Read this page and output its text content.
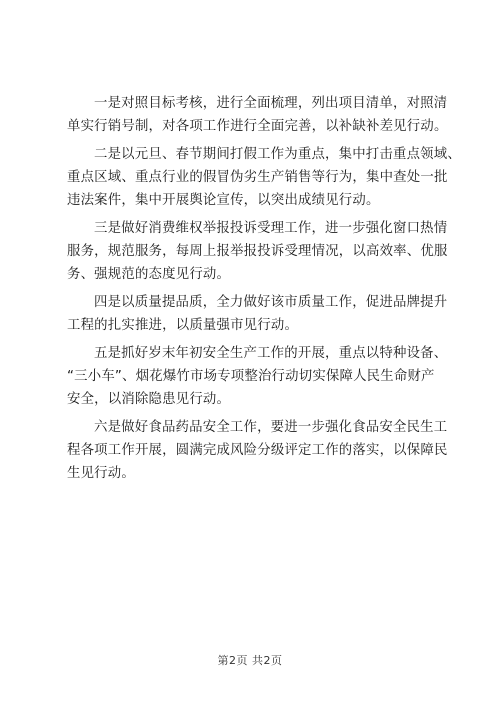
一是对照目标考核，进行全面梳理，列出项目清单，对照清
单实行销号制，对各项工作进行全面完善，以补缺补差见行动。

二是以元旦、春节期间打假工作为重点，集中打击重点领域、
重点区域、重点行业的假冒伪劣生产销售等行为，集中查处一批
违法案件，集中开展舆论宣传，以突出成绩见行动。

三是做好消费维权举报投诉受理工作，进一步强化窗口热情
服务，规范服务，每周上报举报投诉受理情况，以高效率、优服
务、强规范的态度见行动。

四是以质量提品质，全力做好该市质量工作，促进品牌提升
工程的扎实推进，以质量强市见行动。

五是抓好岁末年初安全生产工作的开展，重点以特种设备、
“三小车”、烟花爆竹市场专项整治行动切实保障人民生命财产
安全，以消除隐患见行动。

六是做好食品药品安全工作，要进一步强化食品安全民生工
程各项工作开展，圆满完成风险分级评定工作的落实，以保障民
生见行动。

第2页 共2页
